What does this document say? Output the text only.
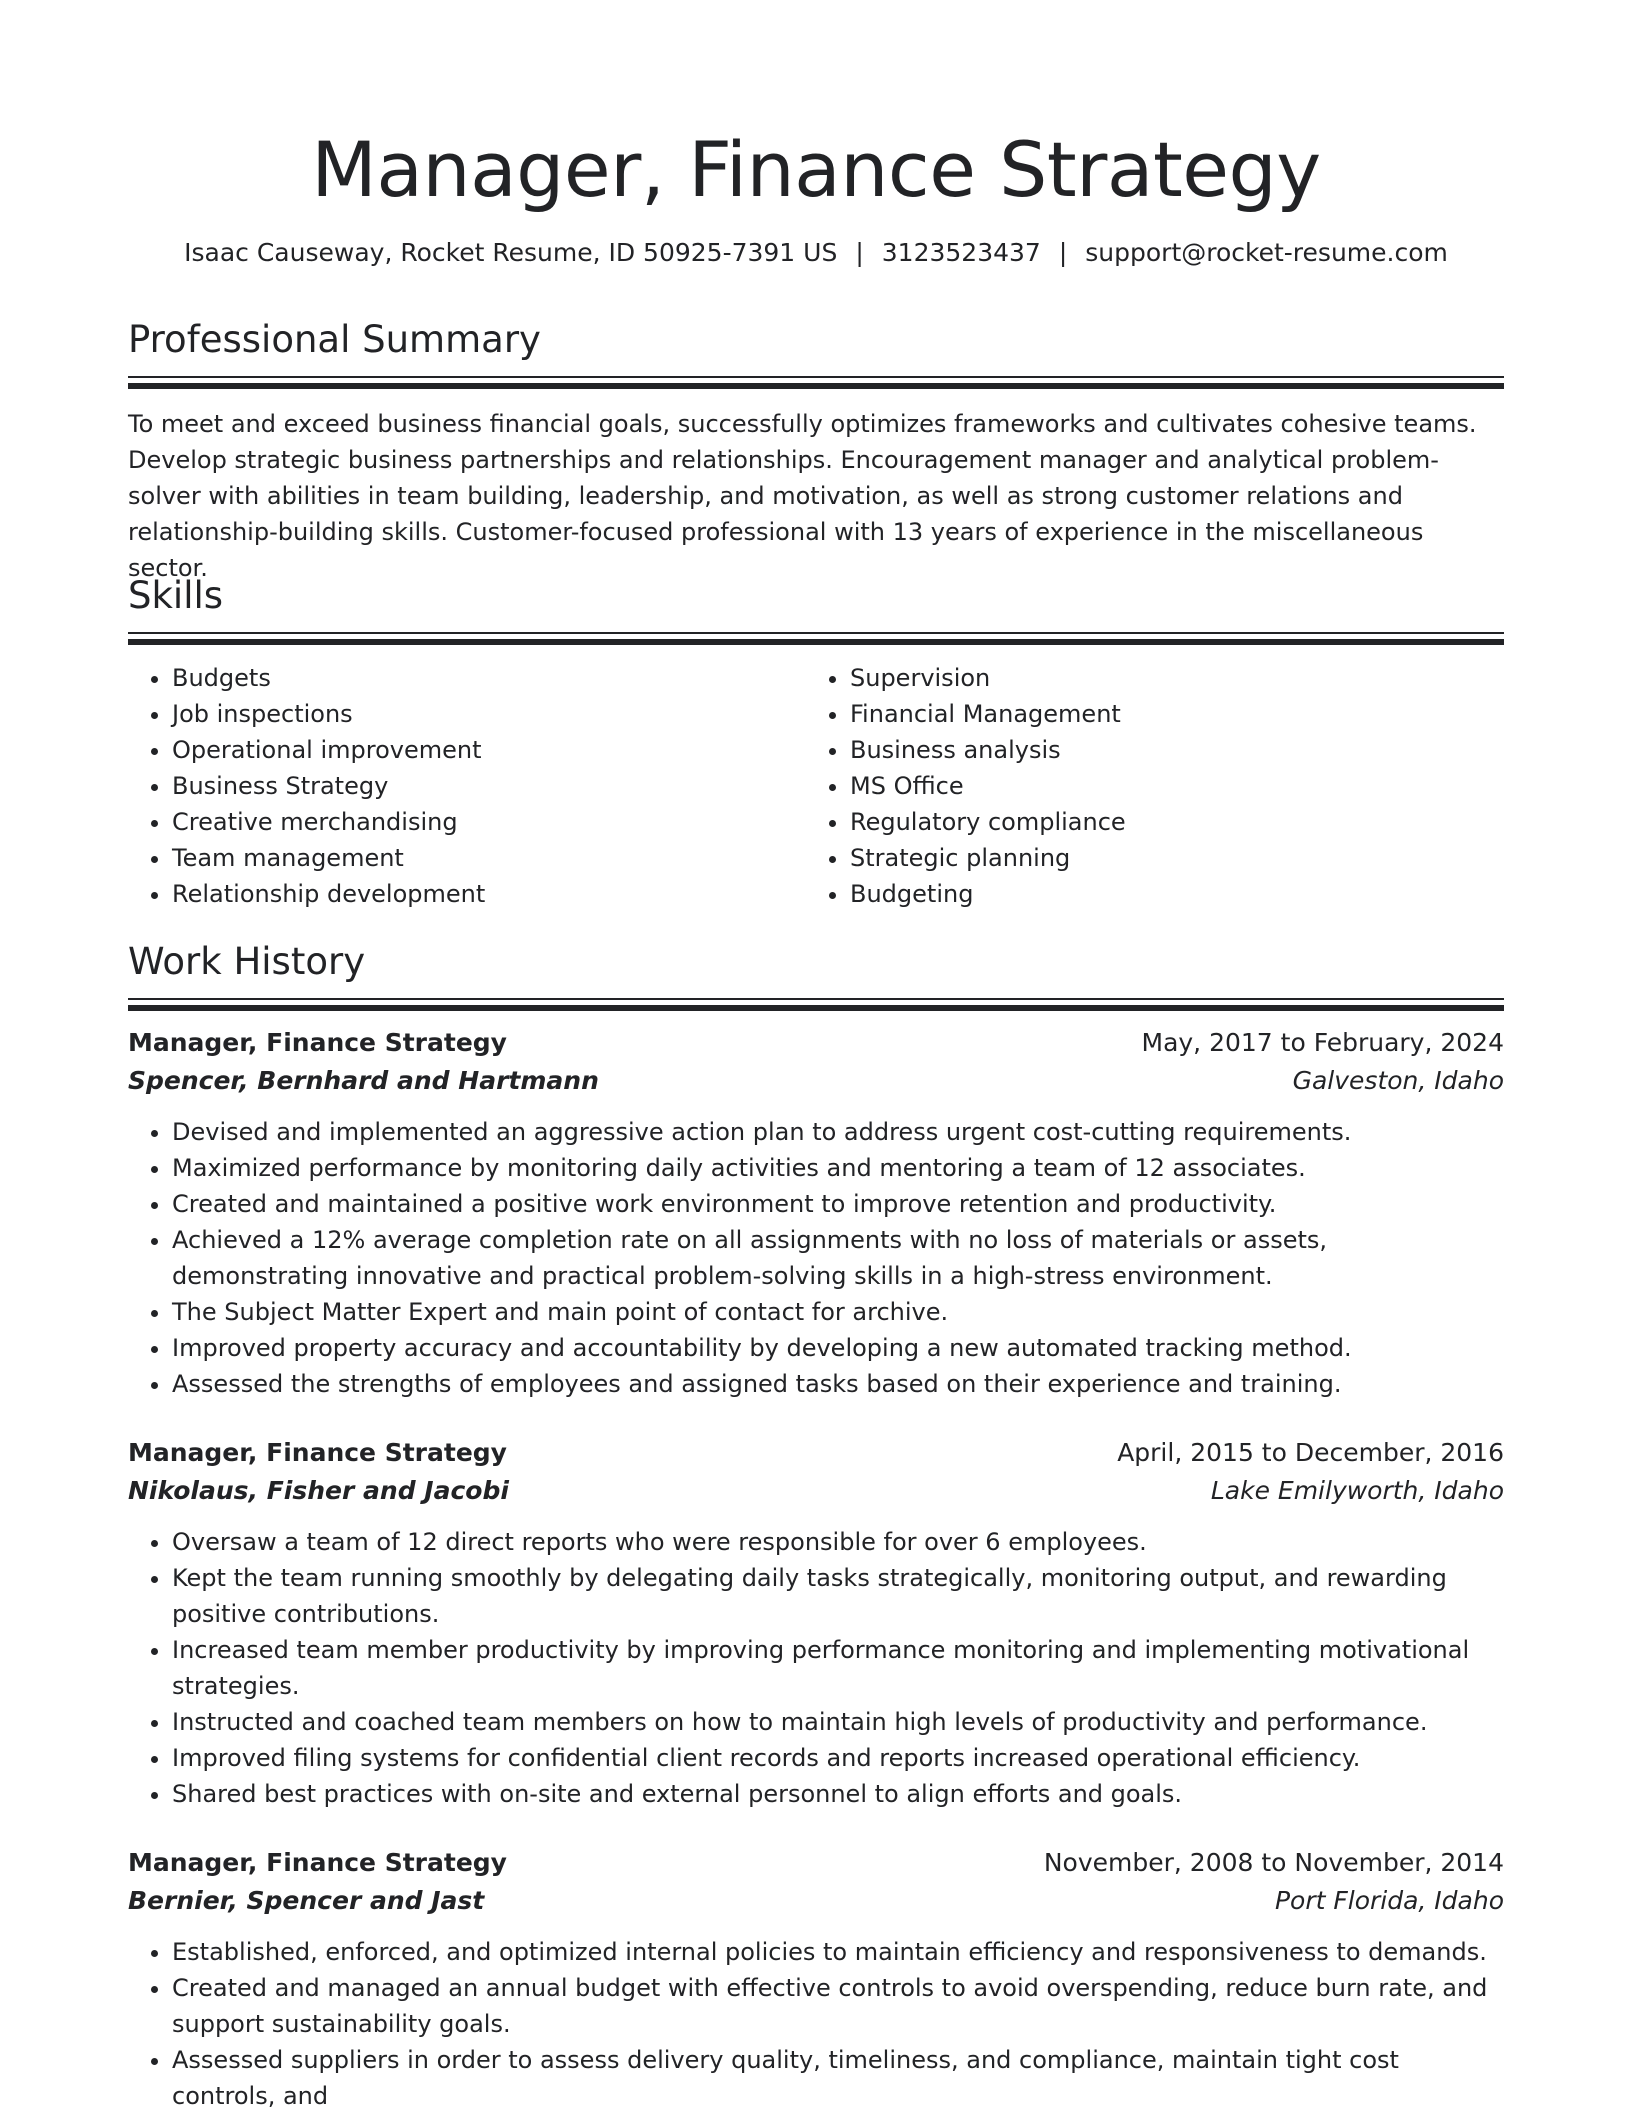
Manager, Finance Strategy
Isaac Causeway, Rocket Resume, ID 50925-7391 US | 3123523437 | support@rocket-resume.com
Professional Summary

To meet and exceed business financial goals, successfully optimizes frameworks and cultivates cohesive teams. Develop strategic business partnerships and relationships. Encouragement manager and analytical problem-solver with abilities in team building, leadership, and motivation, as well as strong customer relations and relationship-building skills. Customer-focused professional with 13 years of experience in the miscellaneous sector.

Skills
• Budgets
• Job inspections
• Operational improvement
• Business Strategy
• Creative merchandising
• Team management
• Relationship development
• Supervision
• Financial Management
• Business analysis
• MS Office
• Regulatory compliance
• Strategic planning
• Budgeting
Work History
Manager, Finance Strategy	May, 2017 to February, 2024
Spencer, Bernhard and Hartmann	Galveston, Idaho
• Devised and implemented an aggressive action plan to address urgent cost-cutting requirements.
• Maximized performance by monitoring daily activities and mentoring a team of 12 associates.
• Created and maintained a positive work environment to improve retention and productivity.
• Achieved a 12% average completion rate on all assignments with no loss of materials or assets, demonstrating innovative and practical problem-solving skills in a high-stress environment.
• The Subject Matter Expert and main point of contact for archive.
• Improved property accuracy and accountability by developing a new automated tracking method.
• Assessed the strengths of employees and assigned tasks based on their experience and training.
Manager, Finance Strategy	April, 2015 to December, 2016
Nikolaus, Fisher and Jacobi	Lake Emilyworth, Idaho
• Oversaw a team of 12 direct reports who were responsible for over 6 employees.
• Kept the team running smoothly by delegating daily tasks strategically, monitoring output, and rewarding positive contributions.
• Increased team member productivity by improving performance monitoring and implementing motivational strategies.
• Instructed and coached team members on how to maintain high levels of productivity and performance.
• Improved filing systems for confidential client records and reports increased operational efficiency.
• Shared best practices with on-site and external personnel to align efforts and goals.
Manager, Finance Strategy	November, 2008 to November, 2014
Bernier, Spencer and Jast	Port Florida, Idaho
• Established, enforced, and optimized internal policies to maintain efficiency and responsiveness to demands.
• Created and managed an annual budget with effective controls to avoid overspending, reduce burn rate, and support sustainability goals.
• Assessed suppliers in order to assess delivery quality, timeliness, and compliance, maintain tight cost controls, and
